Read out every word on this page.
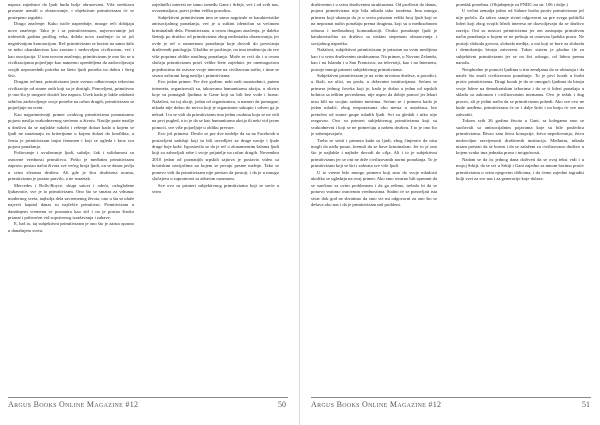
napora zajednice da ljudi budu bolje obrazovani. Više sredstava prosuste nemili u obrazovanje, i objektivan primitivizam će se postepeno izgubiti.

Drugo značenje: Kako ističe naprednije, mnoge reči dobijaju novo značenje. Tako je i sa primitivizmom, najverovatnije još tridesetih godina prošlog veka, dobila novo značenje: to se još negativnijom konotacijom. Reč primitivizam se koristi na samo dalo se neko okarakterisao kao zaostao i nedovoljno civilizovan, već i kao asocijacija. U tom novom značenju, primitivizam je ono što se u civilizacijama pojavljuje kao namerno opredeljena da zadovoljavaju svojih neposrednih potreba na štetu ljudi potreba na dobru i šireg šivi.

Drugim rečima, primitivizam jeste svesno odbacivanje tekovina civilizacije od strane onih koji su je dostigli. Ponovljeni, primitivno je ono što je moguće dostići bez napora. Uvek kada je lakše odabrati sebično zadovoljenje svoje potrebe na račun drugih, primitivizam se pojavljuje na sceni.

Kao najprimitivniji primer ovakvog primitivizma posmatramo pojavu nasilja svakodnevnog srećemo u životu. Nasilje prate nasilje u društvu da se najlakše sukobi i rešenje dolazi kada u kojem se ljudi ne zauzimaju za kriterijume u kojem dolazi do konflikta, u čemu je primitivizam trajni fenomen i koji se ogleda i kroz sva pojava ponašanja.

Poštovanje i uvažavanje ljudi, sažalje, čak i solidarnost su osnovne vrednosti primitivca. Pošto je međutim primitivizam zapravo postao način života sve većeg broja ljudi, on se danas javlja u svim sferama društva. Ali gde je šira društvena norma, primitivizam je postao pravilo, a ne izuzetak.

Mercedes i Rolls-Royce, skupi satovi i odeća, ozloglašene ljubavnice, sve je to primitivizam. Ono što se smatra za vrhunac modernog sveta, najbolja dela savremenog života, ono u šta se ulaže najveći kapital danas su najčešće primitivni. Primitivizam u današnjem vremenu se posmatra kao stil i on je postao široko priznat i prihvaćen vid sopstvenog izražavanja i zabave.

E, baš to, taj subjektivni primitivizam je ono što je zaista opasno u današnjem svetu.

zajednički interesi ne samo između Gane i Srbije, već i od svih nas, ovozemaljaca, pravi jednu veliku porodicu.

Subjektivni primitivizam ima se samo nagrizale se karakteristike antisocijalnog ponašanja, već je u suštini identičan sa većinom kriminalnih dela. Primitivizam, u ovom drugom značenju, je daleko štetniji po društvo od primitivizma zbog nedostatka obrazovanja, jer ovde je reč o namernom ponašanju koje dovodi do povećanja društvenih patologija. Ukoliko se proširuje, on ima tendenciju da sve više poprima oblike nasilnog ponašanja. Može se reći da i u ovom slučaju primitivizam pravi velike štete zajednici jer onemogućava pojedincima da ostvare svoje interese na civilizovan način, i time se stvara začarani krug nasilja i primitivizma.

Evo jedan primer. Pre dve godine, neki naši sunarodnici, putem interneta, organizovali su, takozvanu humanitarnu akciju, u okviru koje su pomagali ljudima iz Gane koji su bili bez vode i hrane. Nažalost, na toj akciji, jedan od organizatora, u nameri da pomogne, nikada nije došao do novca koji je organizator sakupio i odveo ga je nekud. I tu se vidi da primitivizam ima jednu osobinu koja se ne vidi na prvi pogled, a to je da se kao humanitarna akcija ili neki vid javne pomoći, sve više pojavljuje u obliku prevare.

Evo još primera. Desilo se pre dve nedelje da su na Facebook-u postavljeni sadržaji koji su bili uvredljivi za druge nacije i ljude druge boje kože. Ispostavilo se da je reč o zlonamernim šalama ljudi koji su zabavljali sebe i svoje prijatelje na račun drugih. Novembra 2010 jedan od poznatijih srpskih sajtova je postavio video sa hrvatskim navijačima na kojem se pevaju pesme mržnje. Tako se ponovo vidi da primitivizam nije prestao da postoji, i da je u mnogo slučajeva u suprotnosti sa zdravim razumom.

Sve ovo su primeri subjektivnog primitivizma koji se sreće u svim

Argus Books Online Magazine #12	50

društvenim i u svim društvenim strukturama. Od prošlosti do danas, pojava primitivizma nije bila nikada tako izražena. Ima mnogo primera koji ukazuju da je u svetu prisutan veliki broj ljudi koji se na nepoznat način ponašaju prema drugima, koji su u međusobnom odnosu i međusobnoj komunikaciji. Ovako ponašanje ljudi je karakteristično za društvo sa niskim stepenom obrazovanja i socijalnog napretka.

Nažalost, subjektivni primitivizam je prisutan na svim medijima kao i u svim društvenim strukturama. Na primer, u Novom Zelandu, kao i na Islandu i u San Franciscu, na televiziji, kao i na Internetu, postoje mnogi primeri subjektivnog primitivizma.

Subjektivni primitivizam je na svim nivoima društva, u porodici, u školi, na ulici, na poslu, u državnim institucijama. Sećam se primera jednog čoveka koji je, kada je došao u jednu od srpskih bolnica sa teškim povredama, nije uspeo da dobije pomoć jer lekari nisu bili na svojim radnim mestima. Sećam se i primera kada je jedan mladić, zbog nesporazuma oko mesta u autobusu, bio pretučen od strane grupe mladih ljudi. Svi su gledali i niko nije reagovao. Ovo su primeri subjektivnog primitivizma koji su svakodnevni i koji se ne primećuju u našem društvu. I to je ono što je zabrinjavajuće.

Treba se setiti i primera kada su ljudi, zbog činjenice da nisu mogli da nađu posao, krenuli da se bave kriminalom. Jer to je ono što je najlakše i najbrže dovodi do cilja. Ali i to je subjektivni primitivizam jer se oni ne drže civilizovanih normi ponašanja. To je primitivizam koji se širi i zahvata sve više ljudi.

U to vreme bilo mnogo primera koji smo do svoje mladosti ukoliko se ugledaju na ovaj primer. Ako smo stvarno bili spremni da se suočimo sa ovim problemom i da ga rešimo, trebalo bi da se ponovo vratimo osnovnim vrednostima. Stalno će se ponavljati ista stvar dok god ne shvatimo da smo svi mi odgovorni za ono što se dešava oko nas i da je primitivizam naš problem.

poredak potrebna. (Objašnjenje za PNDC na str. 106 i dalje.)

U večini zemalja južno od Sahare borba protiv primitivizma još nije počela. Za takvo stanje stvari odgovorni su pre svega politički lideri koji zbog svojih ličnih interesa ne dozvoljavaju da se društvo razvija. Oni su nosioci primitivizma jer oni zastupaju primitivan način ponašanja u kojem se ne poštuju ni osnovna ljudska prava. Ne postoji sloboda govora, sloboda medija, a oni koji se bore za slobodu i demokratiju bivaju zatvoreni. Takav sistem je plodno tle za subjektivni primitivizam jer se on širi odozgo, od lidera prema narodu.

Neophodno je pomoći ljudima u tim zemljama da se obrazuju i da nauče šta znači civilizovano ponašanje. To je prvi korak u borbi protiv primitivizma. Drugi korak je da se omogući ljudima da biraju svoje lidere na demokratskim izborima i da se ti lideri ponašaju u skladu sa zakonom i civilizovanim normama. Ovo je težak i dug proces, ali je jedini način da se primitivizam pobedi. Ako sve ovo ne bude urađeno, primitivizam će se i dalje širiti i na kraju će sve nas zahvatiti.

Tokom svih 26 godina života u Gani, sa kolegama smo se suočavali sa antisocijalnim pojavama koje su bile posledica primitivizma. Bivao sam žrtva korupcije, žrtva nepoštovanja, žrtva nedovoljne razvijenosti društvenih institucija. Međutim, nikada nisam prestao da se borim i da se zalažem za civilizovano društvo u kojem svako ima jednaka prava i mogućnosti.

Nadam se da ću jednog dana doživeti da se ovaj tekst vidi i u mojoj Srbiji, da se svi u Srbiji i Gani zajedno sa mnom borimo protiv primitivizma u svim njegovim oblicima, i da ćemo zajedno izgraditi bolji svet za sve nas i za generacije koje dolaze.

Argus Books Online Magazine #12	51
